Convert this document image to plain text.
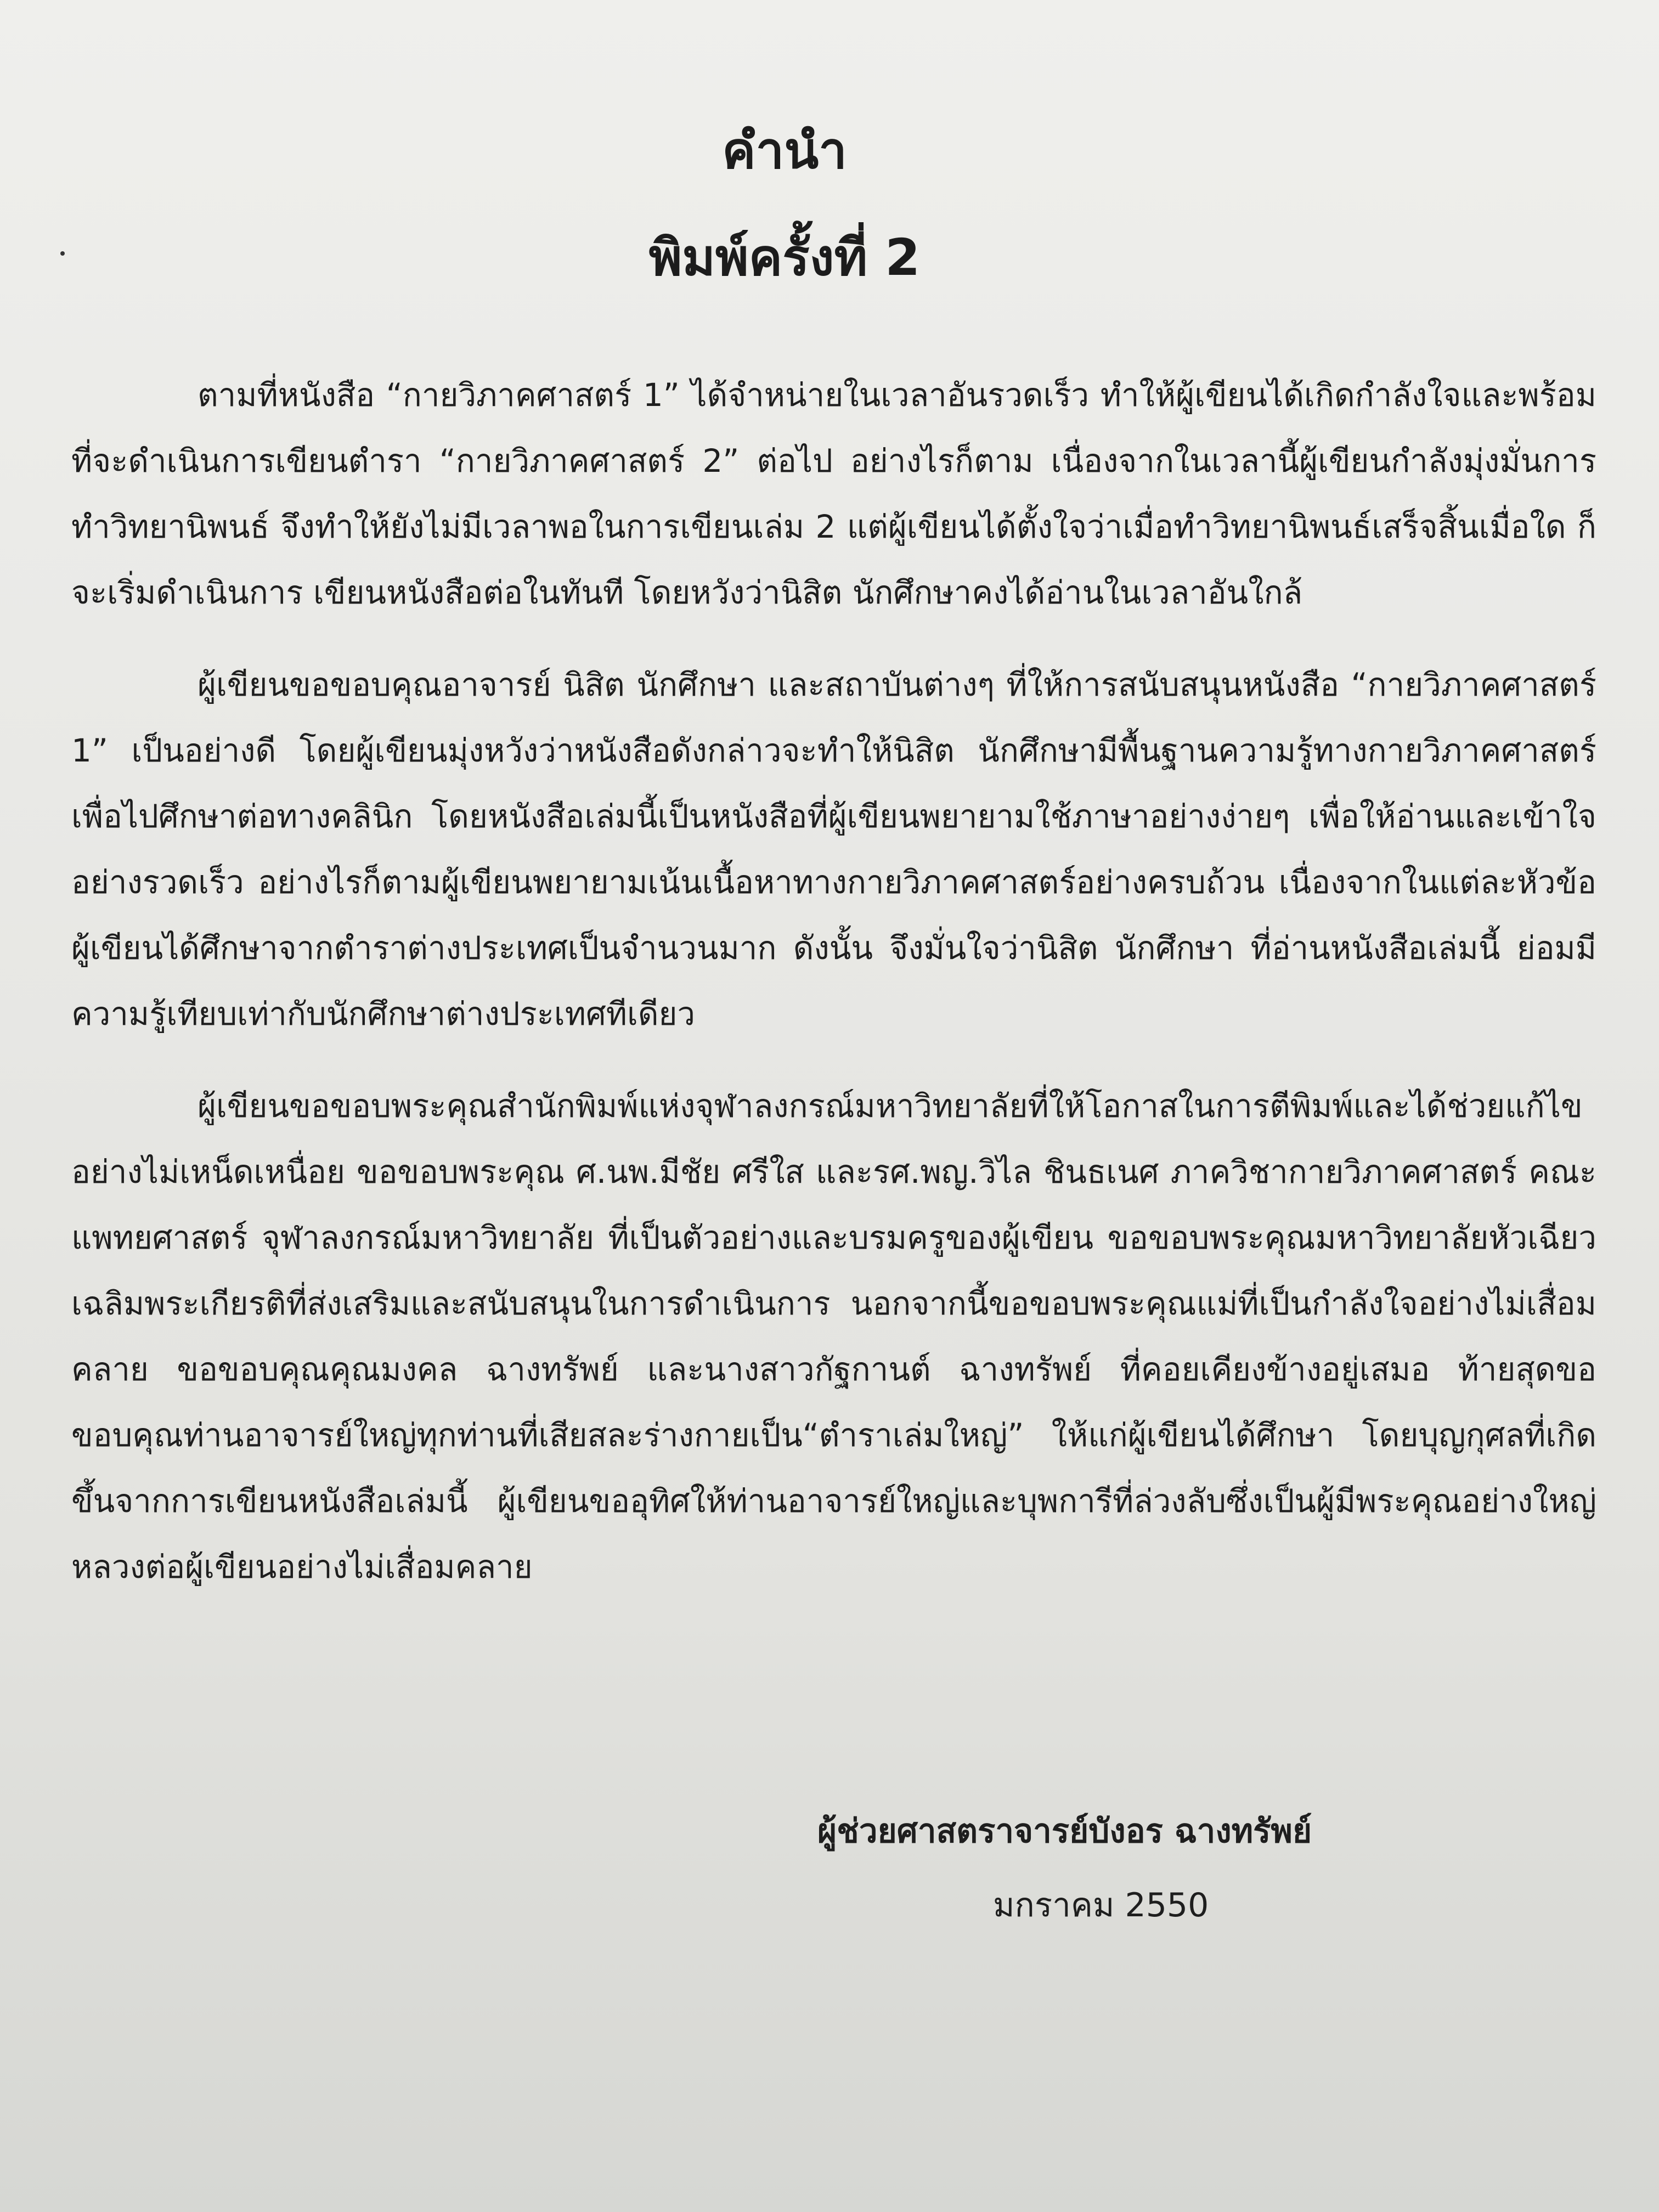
คำนำ
พิมพ์ครั้งที่ 2

ตามที่หนังสือ “กายวิภาคศาสตร์ 1” ได้จำหน่ายในเวลาอันรวดเร็ว ทำให้ผู้เขียนได้เกิดกำลังใจและพร้อมที่จะดำเนินการเขียนตำรา “กายวิภาคศาสตร์ 2” ต่อไป อย่างไรก็ตาม เนื่องจากในเวลานี้ผู้เขียนกำลังมุ่งมั่นการทำวิทยานิพนธ์ จึงทำให้ยังไม่มีเวลาพอในการเขียนเล่ม 2 แต่ผู้เขียนได้ตั้งใจว่าเมื่อทำวิทยานิพนธ์เสร็จสิ้นเมื่อใด ก็จะเริ่มดำเนินการ เขียนหนังสือต่อในทันที โดยหวังว่านิสิต นักศึกษาคงได้อ่านในเวลาอันใกล้

ผู้เขียนขอขอบคุณอาจารย์ นิสิต นักศึกษา และสถาบันต่างๆ ที่ให้การสนับสนุนหนังสือ “กายวิภาคศาสตร์ 1” เป็นอย่างดี โดยผู้เขียนมุ่งหวังว่าหนังสือดังกล่าวจะทำให้นิสิต นักศึกษามีพื้นฐานความรู้ทางกายวิภาคศาสตร์ เพื่อไปศึกษาต่อทางคลินิก โดยหนังสือเล่มนี้เป็นหนังสือที่ผู้เขียนพยายามใช้ภาษาอย่างง่ายๆ เพื่อให้อ่านและเข้าใจอย่างรวดเร็ว อย่างไรก็ตามผู้เขียนพยายามเน้นเนื้อหาทางกายวิภาคศาสตร์อย่างครบถ้วน เนื่องจากในแต่ละหัวข้อผู้เขียนได้ศึกษาจากตำราต่างประเทศเป็นจำนวนมาก ดังนั้น จึงมั่นใจว่านิสิต นักศึกษา ที่อ่านหนังสือเล่มนี้ ย่อมมีความรู้เทียบเท่ากับนักศึกษาต่างประเทศทีเดียว

ผู้เขียนขอขอบพระคุณสำนักพิมพ์แห่งจุฬาลงกรณ์มหาวิทยาลัยที่ให้โอกาสในการตีพิมพ์และได้ช่วยแก้ไขอย่างไม่เหน็ดเหนื่อย ขอขอบพระคุณ ศ.นพ.มีชัย ศรีใส และรศ.พญ.วิไล ชินธเนศ ภาควิชากายวิภาคศาสตร์ คณะแพทยศาสตร์ จุฬาลงกรณ์มหาวิทยาลัย ที่เป็นตัวอย่างและบรมครูของผู้เขียน ขอขอบพระคุณมหาวิทยาลัยหัวเฉียวเฉลิมพระเกียรติที่ส่งเสริมและสนับสนุนในการดำเนินการ นอกจากนี้ขอขอบพระคุณแม่ที่เป็นกำลังใจอย่างไม่เสื่อมคลาย ขอขอบคุณคุณมงคล ฉางทรัพย์ และนางสาวกัฐกานต์ ฉางทรัพย์ ที่คอยเคียงข้างอยู่เสมอ ท้ายสุดขอขอบคุณท่านอาจารย์ใหญ่ทุกท่านที่เสียสละร่างกายเป็น“ตำราเล่มใหญ่” ให้แก่ผู้เขียนได้ศึกษา โดยบุญกุศลที่เกิดขึ้นจากการเขียนหนังสือเล่มนี้ ผู้เขียนขออุทิศให้ท่านอาจารย์ใหญ่และบุพการีที่ล่วงลับซึ่งเป็นผู้มีพระคุณอย่างใหญ่หลวงต่อผู้เขียนอย่างไม่เสื่อมคลาย

ผู้ช่วยศาสตราจารย์บังอร ฉางทรัพย์

มกราคม 2550
